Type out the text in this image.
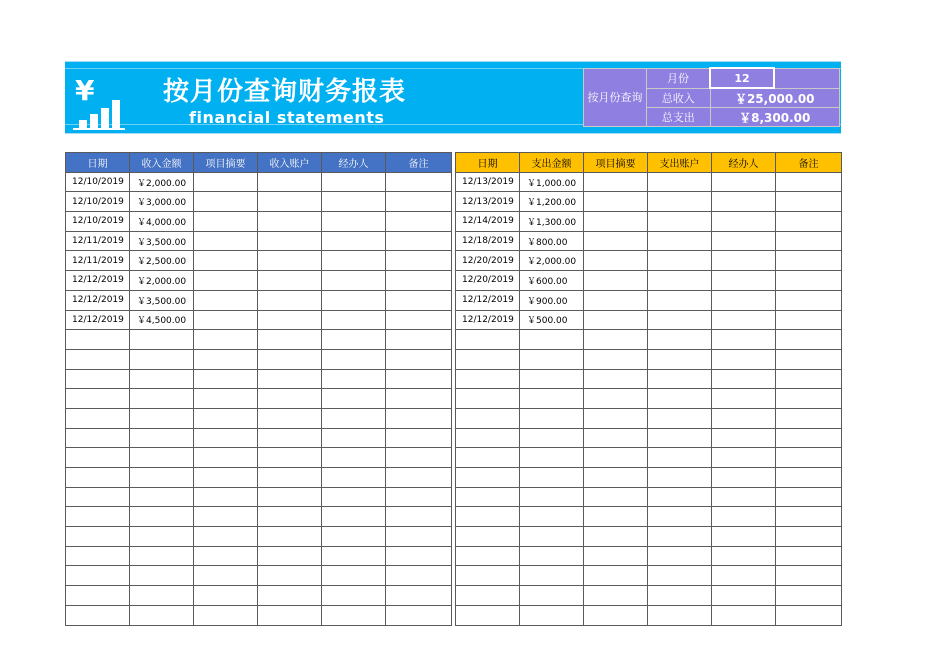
¥	按月份查询财务报表
financial statements
按月份查询	月份	12	
	总收入	￥25,000.00	
	总支出	￥8,300.00	
日期	收入金额	项目摘要	收入账户	经办人	备注
12/10/2019	￥2,000.00				
12/10/2019	￥3,000.00				
12/10/2019	￥4,000.00				
12/11/2019	￥3,500.00				
12/11/2019	￥2,500.00				
12/12/2019	￥2,000.00				
12/12/2019	￥3,500.00				
12/12/2019	￥4,500.00				

日期	支出金额	项目摘要	支出账户	经办人	备注
12/13/2019	￥1,000.00				
12/13/2019	￥1,200.00				
12/14/2019	￥1,300.00				
12/18/2019	￥800.00				
12/20/2019	￥2,000.00				
12/20/2019	￥600.00				
12/12/2019	￥900.00				
12/12/2019	￥500.00				
